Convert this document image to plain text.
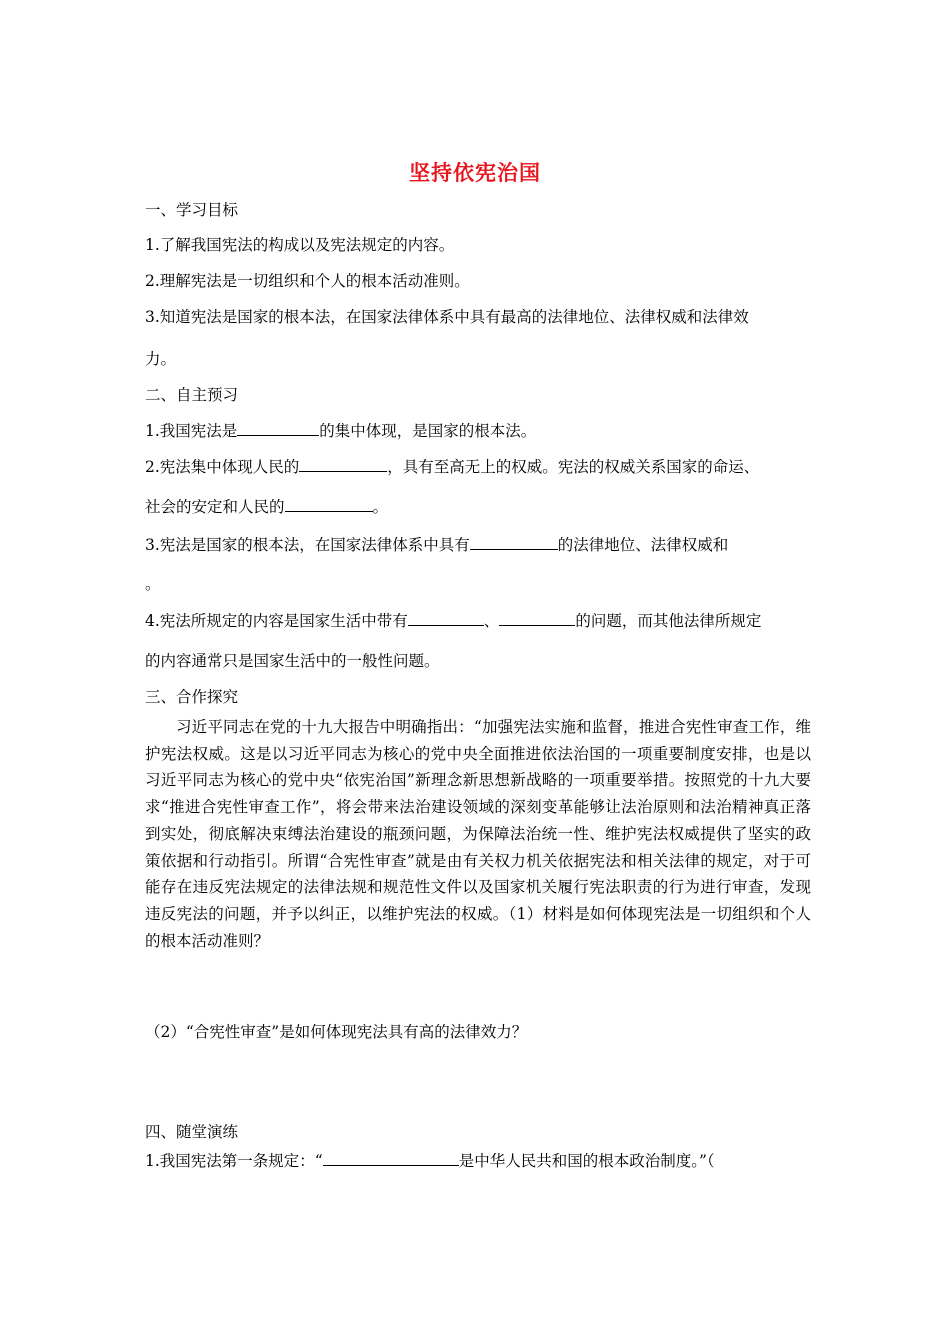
坚持依宪治国
一、学习目标
1.了解我国宪法的构成以及宪法规定的内容。
2.理解宪法是一切组织和个人的根本活动准则。
3.知道宪法是国家的根本法，在国家法律体系中具有最高的法律地位、法律权威和法律效
力。
二、自主预习
1.我国宪法是	的集中体现，是国家的根本法。
2.宪法集中体现人民的	，具有至高无上的权威。宪法的权威关系国家的命运、
社会的安定和人民的	。
3.宪法是国家的根本法，在国家法律体系中具有	的法律地位、法律权威和
。
4.宪法所规定的内容是国家生活中带有	、	的问题，而其他法律所规定
的内容通常只是国家生活中的一般性问题。
三、合作探究
习近平同志在党的十九大报告中明确指出：“加强宪法实施和监督，推进合宪性审查工作，维护宪法权威。这是以习近平同志为核心的党中央全面推进依法治国的一项重要制度安排，也是以习近平同志为核心的党中央“依宪治国”新理念新思想新战略的一项重要举措。按照党的十九大要求“推进合宪性审查工作”，将会带来法治建设领域的深刻变革能够让法治原则和法治精神真正落到实处，彻底解决束缚法治建设的瓶颈问题，为保障法治统一性、维护宪法权威提供了坚实的政策依据和行动指引。所谓“合宪性审查”就是由有关权力机关依据宪法和相关法律的规定，对于可能存在违反宪法规定的法律法规和规范性文件以及国家机关履行宪法职责的行为进行审查，发现违反宪法的问题，并予以纠正，以维护宪法的权威。（1）材料是如何体现宪法是一切组织和个人的根本活动准则？
（2）“合宪性审查”是如何体现宪法具有高的法律效力？
四、随堂演练
1.我国宪法第一条规定：“	是中华人民共和国的根本政治制度。”（
